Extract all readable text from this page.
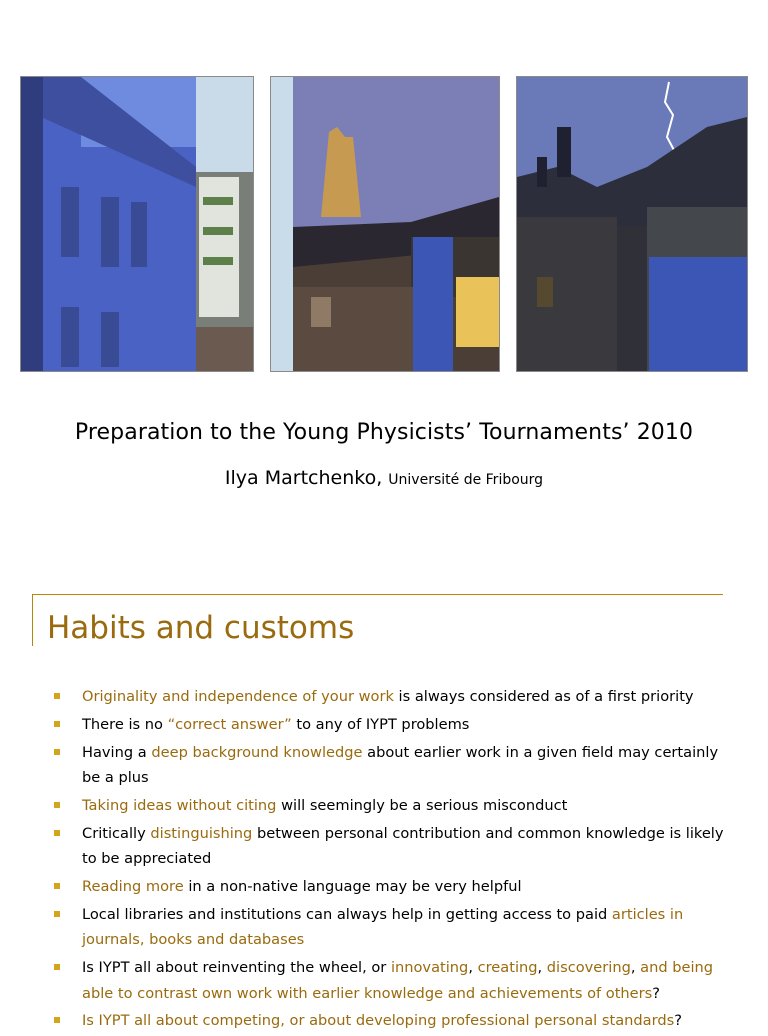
Preparation to the Young Physicists’ Tournaments’ 2010
Ilya Martchenko, Université de Fribourg
Habits and customs
Originality and independence of your work is always considered as of a first priority
There is no “correct answer” to any of IYPT problems
Having a deep background knowledge about earlier work in a given field may certainly be a plus
Taking ideas without citing will seemingly be a serious misconduct
Critically distinguishing between personal contribution and common knowledge is likely to be appreciated
Reading more in a non-native language may be very helpful
Local libraries and institutions can always help in getting access to paid articles in journals, books and databases
Is IYPT all about reinventing the wheel, or innovating, creating, discovering, and being able to contrast own work with earlier knowledge and achievements of others?
Is IYPT all about competing, or about developing professional personal standards?
